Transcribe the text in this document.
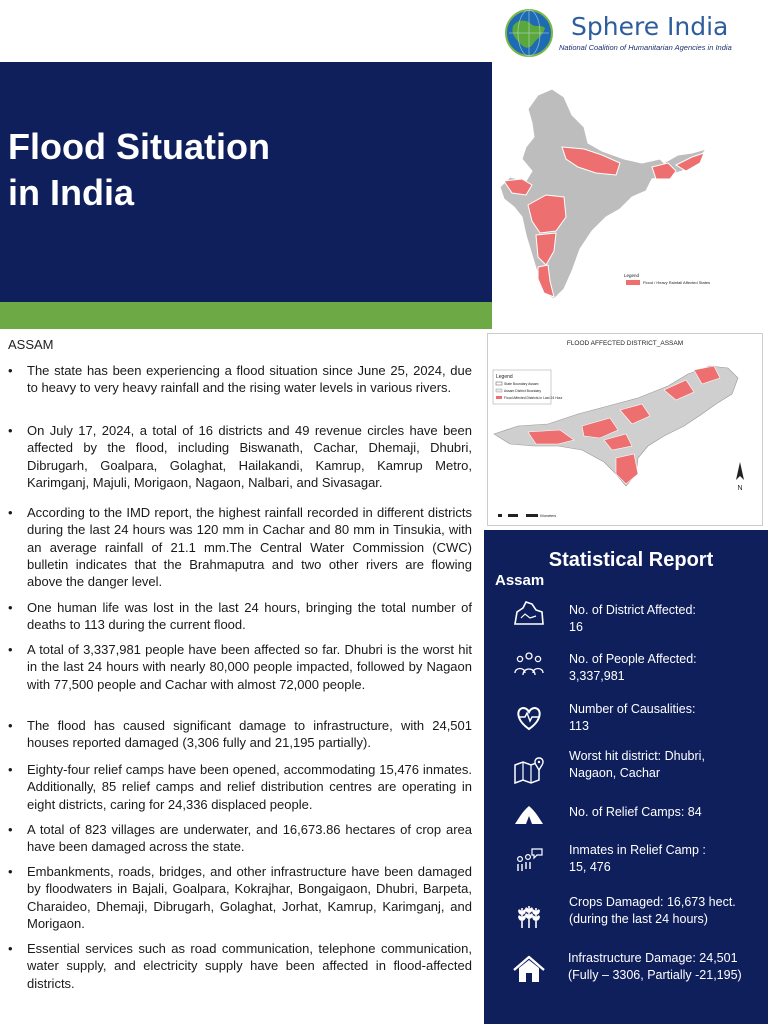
Sphere India
National Coalition of Humanitarian Agencies in India
Flood Situation
in India
Legend
Flood / Heavy Rainfall Affected States
FLOOD AFFECTED DISTRICT_ASSAM
Legend
State Boundary Assam
Assam District Boundary
Flood Affected Districts in Last 24 Hour
N
Kilometers
ASSAM
• The state has been experiencing a flood situation since June 25, 2024, due to heavy to very heavy rainfall and the rising water levels in various rivers.
• On July 17, 2024, a total of 16 districts and 49 revenue circles have been affected by the flood, including Biswanath, Cachar, Dhemaji, Dhubri, Dibrugarh, Goalpara, Golaghat, Hailakandi, Kamrup, Kamrup Metro, Karimganj, Majuli, Morigaon, Nagaon, Nalbari, and Sivasagar.
• According to the IMD report, the highest rainfall recorded in different districts during the last 24 hours was 120 mm in Cachar and 80 mm in Tinsukia, with an average rainfall of 21.1 mm.The Central Water Commission (CWC) bulletin indicates that the Brahmaputra and two other rivers are flowing above the danger level.
• One human life was lost in the last 24 hours, bringing the total number of deaths to 113 during the current flood.
• A total of 3,337,981 people have been affected so far. Dhubri is the worst hit in the last 24 hours with nearly 80,000 people impacted, followed by Nagaon with 77,500 people and Cachar with almost 72,000 people.
• The flood has caused significant damage to infrastructure, with 24,501 houses reported damaged (3,306 fully and 21,195 partially).
• Eighty-four relief camps have been opened, accommodating 15,476 inmates. Additionally, 85 relief camps and relief distribution centres are operating in eight districts, caring for 24,336 displaced people.
• A total of 823 villages are underwater, and 16,673.86 hectares of crop area have been damaged across the state.
• Embankments, roads, bridges, and other infrastructure have been damaged by floodwaters in Bajali, Goalpara, Kokrajhar, Bongaigaon, Dhubri, Barpeta, Charaideo, Dhemaji, Dibrugarh, Golaghat, Jorhat, Kamrup, Karimganj, and Morigaon.
• Essential services such as road communication, telephone communication, water supply, and electricity supply have been affected in flood-affected districts.
Statistical Report
Assam
No. of District Affected:
16
No. of People Affected:
3,337,981
Number of Causalities:
113
Worst hit district: Dhubri,
Nagaon, Cachar
No. of Relief Camps: 84
Inmates in Relief Camp :
15, 476
Crops Damaged: 16,673 hect.
(during the last 24 hours)
Infrastructure Damage: 24,501
(Fully – 3306, Partially -21,195)
